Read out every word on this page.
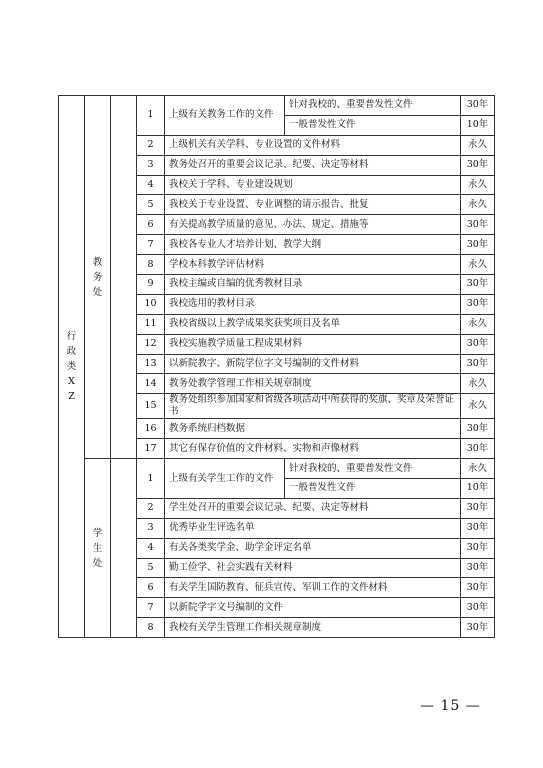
行政类XZ	教务处		1	上级有关教务工作的文件	针对我校的、重要普发性文件	30年
					一般普发性文件	10年
			2	上级机关有关学科、专业设置的文件材料		永久
			3	教务处召开的重要会议记录、纪要、决定等材料		30年
			4	我校关于学科、专业建设规划		永久
			5	我校关于专业设置、专业调整的请示报告、批复		永久
			6	有关提高教学质量的意见、办法、规定、措施等		30年
			7	我校各专业人才培养计划、教学大纲		30年
			8	学校本科教学评估材料		永久
			9	我校主编或自编的优秀教材目录		30年
			10	我校选用的教材目录		30年
			11	我校省级以上教学成果奖获奖项目及名单		永久
			12	我校实施教学质量工程成果材料		30年
			13	以新院教字、新院学位字文号编制的文件材料		30年
			14	教务处教学管理工作相关规章制度		永久
			15	教务处组织参加国家和省级各项活动中所获得的奖旗、奖章及荣誉证书		永久
			16	教务系统归档数据		30年
			17	其它有保存价值的文件材料、实物和声像材料		30年
	学生处		1	上级有关学生工作的文件	针对我校的、重要普发性文件	永久
					一般普发性文件	10年
			2	学生处召开的重要会议记录、纪要、决定等材料		30年
			3	优秀毕业生评选名单		30年
			4	有关各类奖学金、助学金评定名单		30年
			5	勤工俭学、社会实践有关材料		30年
			6	有关学生国防教育、征兵宣传、军训工作的文件材料		30年
			7	以新院学字文号编制的文件		30年
			8	我校有关学生管理工作相关规章制度		30年
— 15 —
